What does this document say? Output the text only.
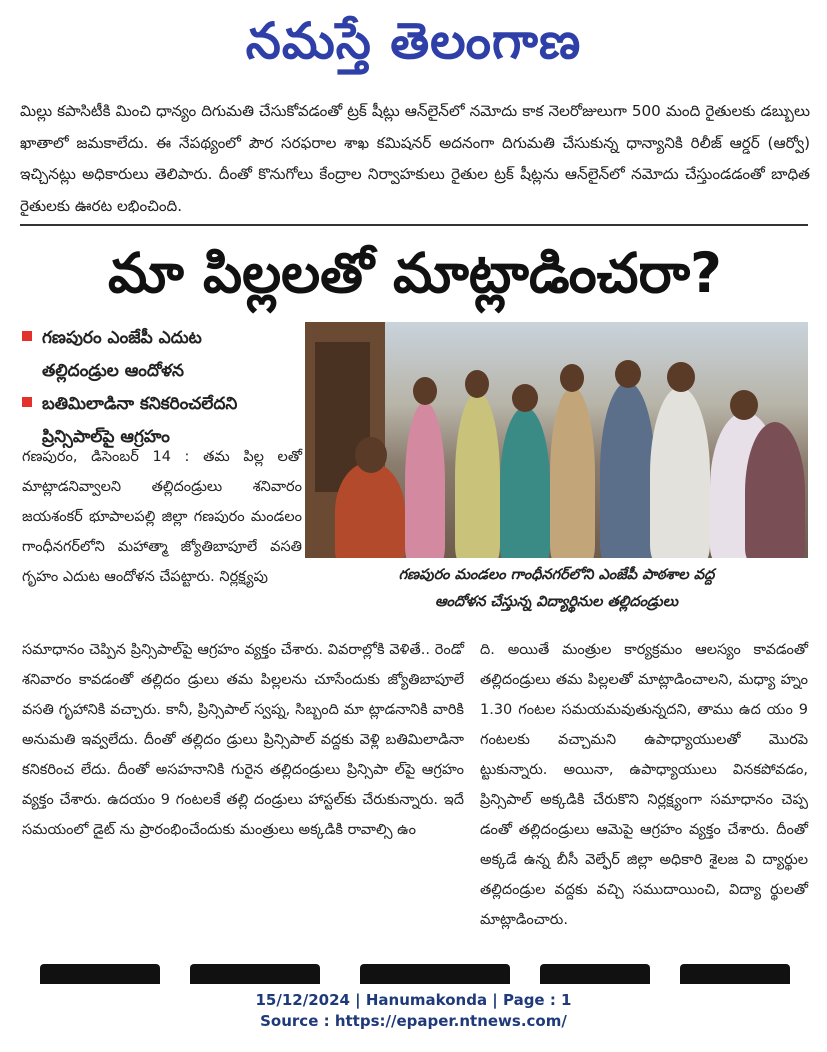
నమస్తే తెలంగాణ
మిల్లు కపాసిటీకి మించి ధాన్యం దిగుమతి చేసుకోవడంతో ట్రక్ షీట్లు ఆన్‌లైన్‌లో నమోదు కాక నెలరోజులుగా 500 మంది రైతులకు డబ్బులు ఖాతాలో జమకాలేదు. ఈ నేపథ్యంలో పౌర సరఫరాల శాఖ కమిషనర్ అదనంగా దిగుమతి చేసుకున్న ధాన్యానికి రిలీజ్ ఆర్డర్ (ఆర్వో) ఇచ్చినట్లు అధికారులు తెలిపారు. దీంతో కొనుగోలు కేంద్రాల నిర్వాహకులు రైతుల ట్రక్ షీట్లను ఆన్‌లైన్‌లో నమోదు చేస్తుండడంతో బాధిత రైతులకు ఊరట లభించింది.
మా పిల్లలతో మాట్లాడించరా?
గణపురం ఎంజేపీ ఎదుట
తల్లిదండ్రుల ఆందోళన
బతిమిలాడినా కనికరించలేదని
ప్రిన్సిపాల్‌పై ఆగ్రహం
గణపురం మండలం గాంధీనగర్‌లోని ఎంజేపీ పాఠశాల వద్ద
ఆందోళన చేస్తున్న విద్యార్థినుల తల్లిదండ్రులు
గణపురం, డిసెంబర్ 14 : తమ పిల్ల లతో మాట్లాడనివ్వాలని తల్లిదండ్రులు శనివారం జయశంకర్ భూపాలపల్లి జిల్లా గణపురం మండలం గాంధీనగర్‌లోని మహాత్మా జ్యోతిబాపూలే వసతి గృహం ఎదుట ఆందోళన చేపట్టారు. నిర్లక్ష్యపు
సమాధానం చెప్పిన ప్రిన్సిపాల్‌పై ఆగ్రహం వ్యక్తం చేశారు. వివరాల్లోకి వెళితే.. రెండో శనివారం కావడంతో తల్లిదం డ్రులు తమ పిల్లలను చూసేందుకు జ్యోతిబాపూలే వసతి గృహానికి వచ్చారు. కానీ, ప్రిన్సిపాల్ స్వప్న, సిబ్బంది మా ట్లాడనానికి వారికి అనుమతి ఇవ్వలేదు. దీంతో తల్లిదం డ్రులు ప్రిన్సిపాల్ వద్దకు వెళ్లి బతిమిలాడినా కనికరించ లేదు. దీంతో అసహనానికి గురైన తల్లిదండ్రులు ప్రిన్సిపా ల్‌పై ఆగ్రహం వ్యక్తం చేశారు. ఉదయం 9 గంటలకే తల్లి దండ్రులు హాస్టల్‌కు చేరుకున్నారు. ఇదే సమయంలో డైట్ ను ప్రారంభించేందుకు మంత్రులు అక్కడికి రావాల్సి ఉం
ది. అయితే మంత్రుల కార్యక్రమం ఆలస్యం కావడంతో తల్లిదండ్రులు తమ పిల్లలతో మాట్లాడించాలని, మధ్యా హ్నం 1.30 గంటల సమయమవుతున్నదని, తాము ఉద యం 9 గంటలకు వచ్చామని ఉపాధ్యాయులతో మొరపె ట్టుకున్నారు. అయినా, ఉపాధ్యాయులు వినకపోవడం, ప్రిన్సిపాల్ అక్కడికి చేరుకొని నిర్లక్ష్యంగా సమాధానం చెప్ప డంతో తల్లిదండ్రులు ఆమెపై ఆగ్రహం వ్యక్తం చేశారు. దీంతో అక్కడే ఉన్న బీసీ వెల్ఫేర్ జిల్లా అధికారి శైలజ వి ద్యార్థుల తల్లిదండ్రుల వద్దకు వచ్చి సముదాయించి, విద్యా ర్థులతో మాట్లాడించారు.
15/12/2024 | Hanumakonda | Page : 1
Source : https://epaper.ntnews.com/
